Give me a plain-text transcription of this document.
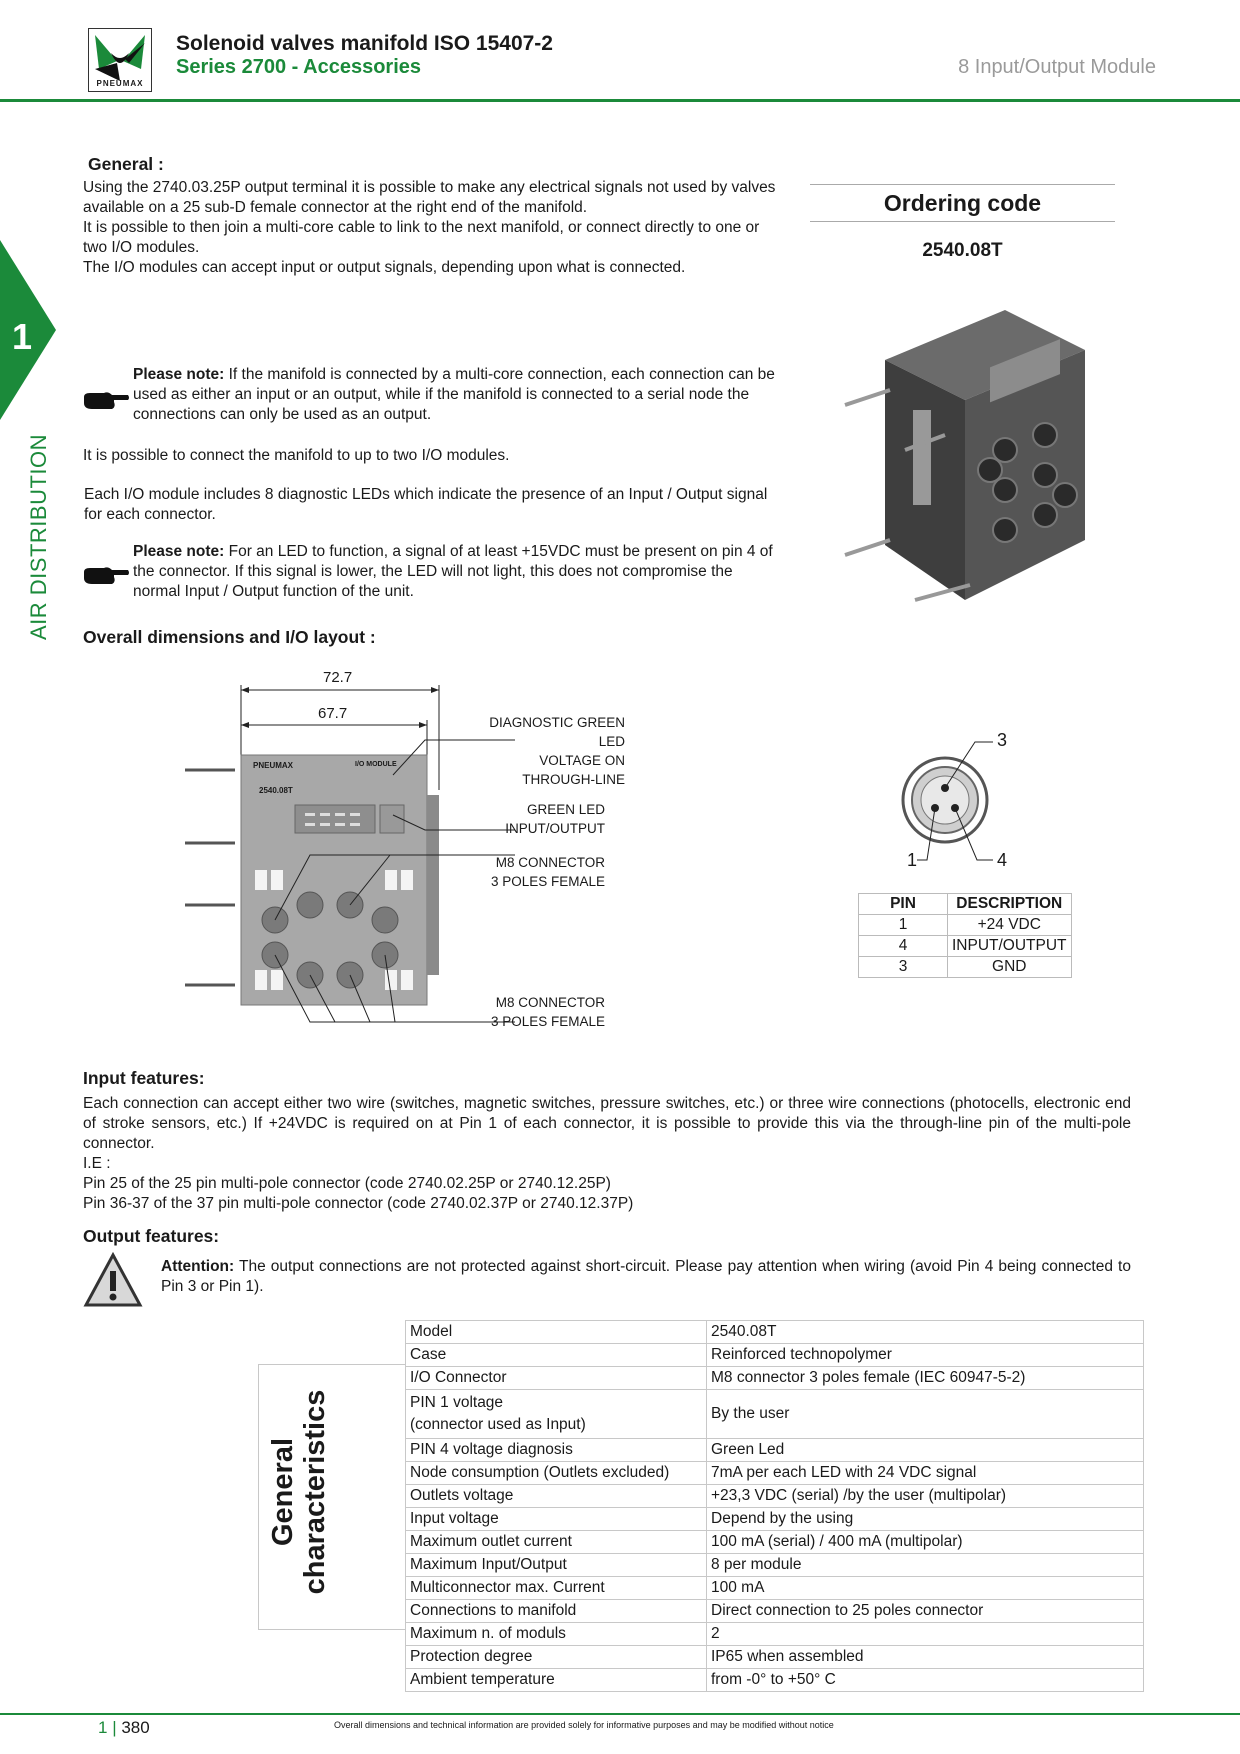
PNEUMAX
Solenoid valves manifold ISO 15407-2
Series 2700 - Accessories	8 Input/Output Module
1
AIR DISTRIBUTION
General :

Using the 2740.03.25P output terminal it is possible to make any electrical signals not used by valves available on a 25 sub-D female connector at the right end of the manifold.

It is possible to then join a multi-core cable to link to the next manifold, or connect directly to one or two I/O modules.

The I/O modules can accept input or output signals, depending upon what is connected.

Please note: If the manifold is connected by a multi-core connection, each connection can be used as either an input or an output, while if the manifold is connected to a serial node the connections can only be used as an output.
It is possible to connect the manifold to up to two I/O modules.
Each I/O module includes 8 diagnostic LEDs which indicate the presence of an Input / Output signal for each connector.
Please note: For an LED to function, a signal of at least +15VDC must be present on pin 4 of the connector. If this signal is lower, the LED will not light, this does not compromise the normal Input / Output function of the unit.
Ordering code
2540.08T
Overall dimensions and I/O layout :
72.7
67.7
PNEUMAX
2540.08T
I/O MODULE
DIAGNOSTIC GREEN LED
VOLTAGE ON THROUGH-LINE
GREEN LED
INPUT/OUTPUT
M8 CONNECTOR
3 POLES FEMALE
M8 CONNECTOR
3 POLES FEMALE
3
1	4
PIN	DESCRIPTION
1	+24 VDC
4	INPUT/OUTPUT
3	GND
Input features:

Each connection can accept either two wire (switches, magnetic switches, pressure switches, etc.) or three wire connections (photocells, electronic end of stroke sensors, etc.) If +24VDC is required on at Pin 1 of each connector, it is possible to provide this via the through-line pin of the multi-pole connector.

I.E :

Pin 25 of the 25 pin multi-pole connector (code 2740.02.25P or 2740.12.25P)

Pin 36-37 of the 37 pin multi-pole connector (code 2740.02.37P or 2740.12.37P)

Output features:
Attention: The output connections are not protected against short-circuit. Please pay attention when wiring (avoid Pin 4 being connected to Pin 3 or Pin 1).
General characteristics
Model	2540.08T
Case	Reinforced technopolymer
I/O Connector	M8 connector 3 poles female (IEC 60947-5-2)
PIN 1 voltage
(connector used as Input)	By the user
PIN 4 voltage diagnosis	Green Led
Node consumption (Outlets excluded)	7mA per each LED with 24 VDC signal
Outlets voltage	+23,3 VDC (serial) /by the user (multipolar)
Input voltage	Depend by the using
Maximum outlet current	100 mA (serial) / 400 mA (multipolar)
Maximum Input/Output	8 per module
Multiconnector max. Current	100 mA
Connections to manifold	Direct connection to 25 poles connector
Maximum n. of moduls	2
Protection degree	IP65 when assembled
Ambient temperature	from -0° to +50° C
1 | 380	Overall dimensions and technical information are provided solely for informative purposes and may be modified without notice
